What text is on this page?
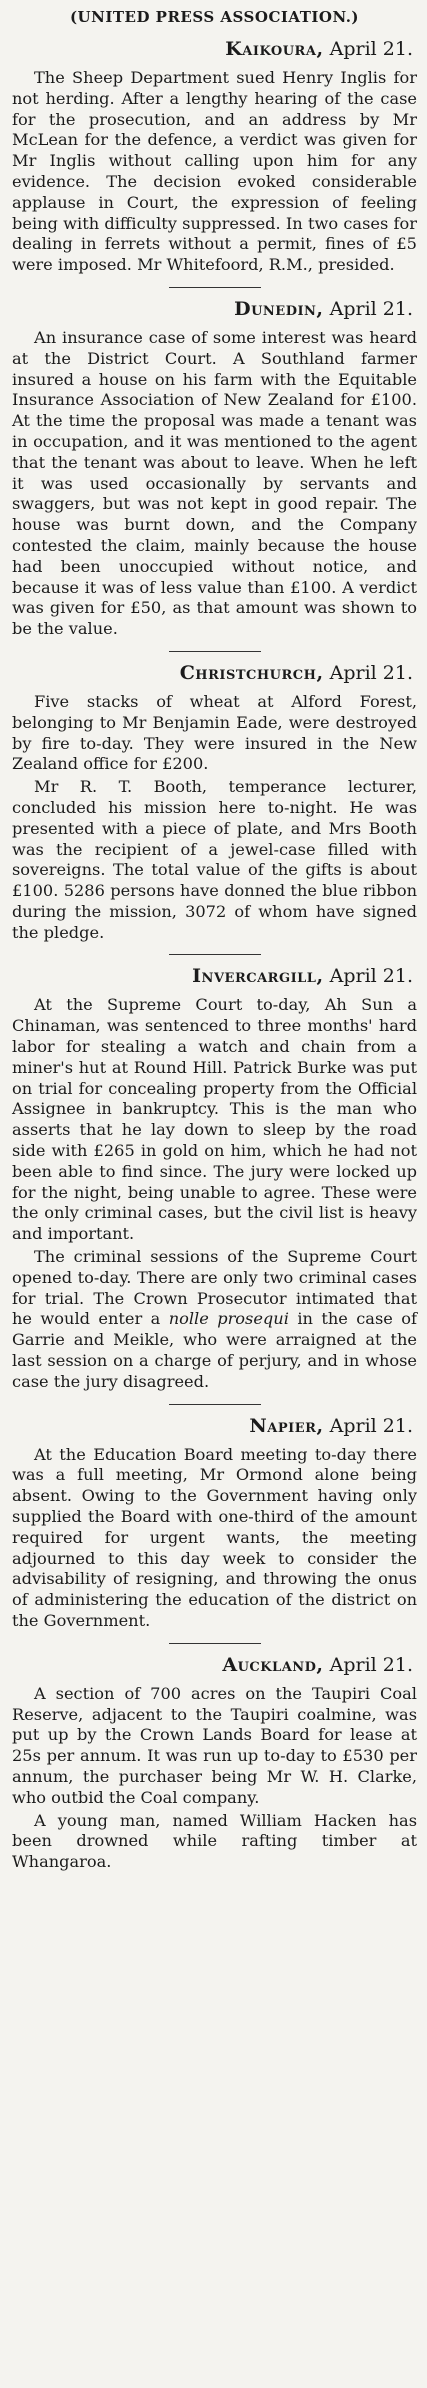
(UNITED PRESS ASSOCIATION.)
Kaikoura, April 21.

The Sheep Department sued Henry Inglis for not herding. After a lengthy hearing of the case for the prosecution, and an address by Mr McLean for the defence, a verdict was given for Mr Inglis without calling upon him for any evidence. The decision evoked considerable applause in Court, the expression of feeling being with difficulty suppressed. In two cases for dealing in ferrets without a permit, fines of £5 were imposed. Mr Whitefoord, R.M., presided.

Dunedin, April 21.

An insurance case of some interest was heard at the District Court. A Southland farmer insured a house on his farm with the Equitable Insurance Association of New Zealand for £100. At the time the proposal was made a tenant was in occupation, and it was mentioned to the agent that the tenant was about to leave. When he left it was used occasionally by servants and swaggers, but was not kept in good repair. The house was burnt down, and the Company contested the claim, mainly because the house had been unoccupied without notice, and because it was of less value than £100. A verdict was given for £50, as that amount was shown to be the value.

Christchurch, April 21.

Five stacks of wheat at Alford Forest, belonging to Mr Benjamin Eade, were destroyed by fire to-day. They were insured in the New Zealand office for £200.

Mr R. T. Booth, temperance lecturer, concluded his mission here to-night. He was presented with a piece of plate, and Mrs Booth was the recipient of a jewel-case filled with sovereigns. The total value of the gifts is about £100. 5286 persons have donned the blue ribbon during the mission, 3072 of whom have signed the pledge.

Invercargill, April 21.

At the Supreme Court to-day, Ah Sun a Chinaman, was sentenced to three months' hard labor for stealing a watch and chain from a miner's hut at Round Hill. Patrick Burke was put on trial for concealing property from the Official Assignee in bankruptcy. This is the man who asserts that he lay down to sleep by the road side with £265 in gold on him, which he had not been able to find since. The jury were locked up for the night, being unable to agree. These were the only criminal cases, but the civil list is heavy and important.

The criminal sessions of the Supreme Court opened to-day. There are only two criminal cases for trial. The Crown Prosecutor intimated that he would enter a nolle prosequi in the case of Garrie and Meikle, who were arraigned at the last session on a charge of perjury, and in whose case the jury disagreed.

Napier, April 21.

At the Education Board meeting to-day there was a full meeting, Mr Ormond alone being absent. Owing to the Government having only supplied the Board with one-third of the amount required for urgent wants, the meeting adjourned to this day week to consider the advisability of resigning, and throwing the onus of administering the education of the district on the Government.

Auckland, April 21.

A section of 700 acres on the Taupiri Coal Reserve, adjacent to the Taupiri coalmine, was put up by the Crown Lands Board for lease at 25s per annum. It was run up to-day to £530 per annum, the purchaser being Mr W. H. Clarke, who outbid the Coal company.

A young man, named William Hacken has been drowned while rafting timber at Whangaroa.
